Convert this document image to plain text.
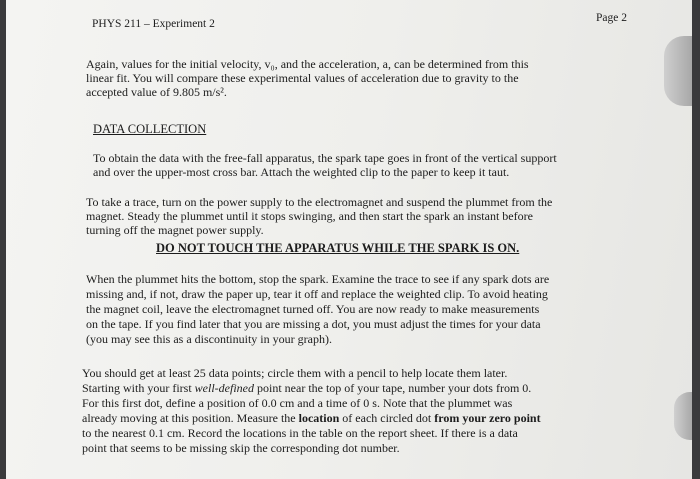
PHYS 211 – Experiment 2	Page 2

Again, values for the initial velocity, v₀, and the acceleration, a, can be determined from this

linear fit. You will compare these experimental values of acceleration due to gravity to the

accepted value of 9.805 m/s².

DATA COLLECTION

To obtain the data with the free-fall apparatus, the spark tape goes in front of the vertical support

and over the upper-most cross bar. Attach the weighted clip to the paper to keep it taut.

To take a trace, turn on the power supply to the electromagnet and suspend the plummet from the

magnet. Steady the plummet until it stops swinging, and then start the spark an instant before

turning off the magnet power supply.

DO NOT TOUCH THE APPARATUS WHILE THE SPARK IS ON.

When the plummet hits the bottom, stop the spark. Examine the trace to see if any spark dots are

missing and, if not, draw the paper up, tear it off and replace the weighted clip. To avoid heating

the magnet coil, leave the electromagnet turned off. You are now ready to make measurements

on the tape. If you find later that you are missing a dot, you must adjust the times for your data

(you may see this as a discontinuity in your graph).

You should get at least 25 data points; circle them with a pencil to help locate them later.

Starting with your first well-defined point near the top of your tape, number your dots from 0.

For this first dot, define a position of 0.0 cm and a time of 0 s. Note that the plummet was

already moving at this position. Measure the location of each circled dot from your zero point

to the nearest 0.1 cm. Record the locations in the table on the report sheet. If there is a data

point that seems to be missing skip the corresponding dot number.
